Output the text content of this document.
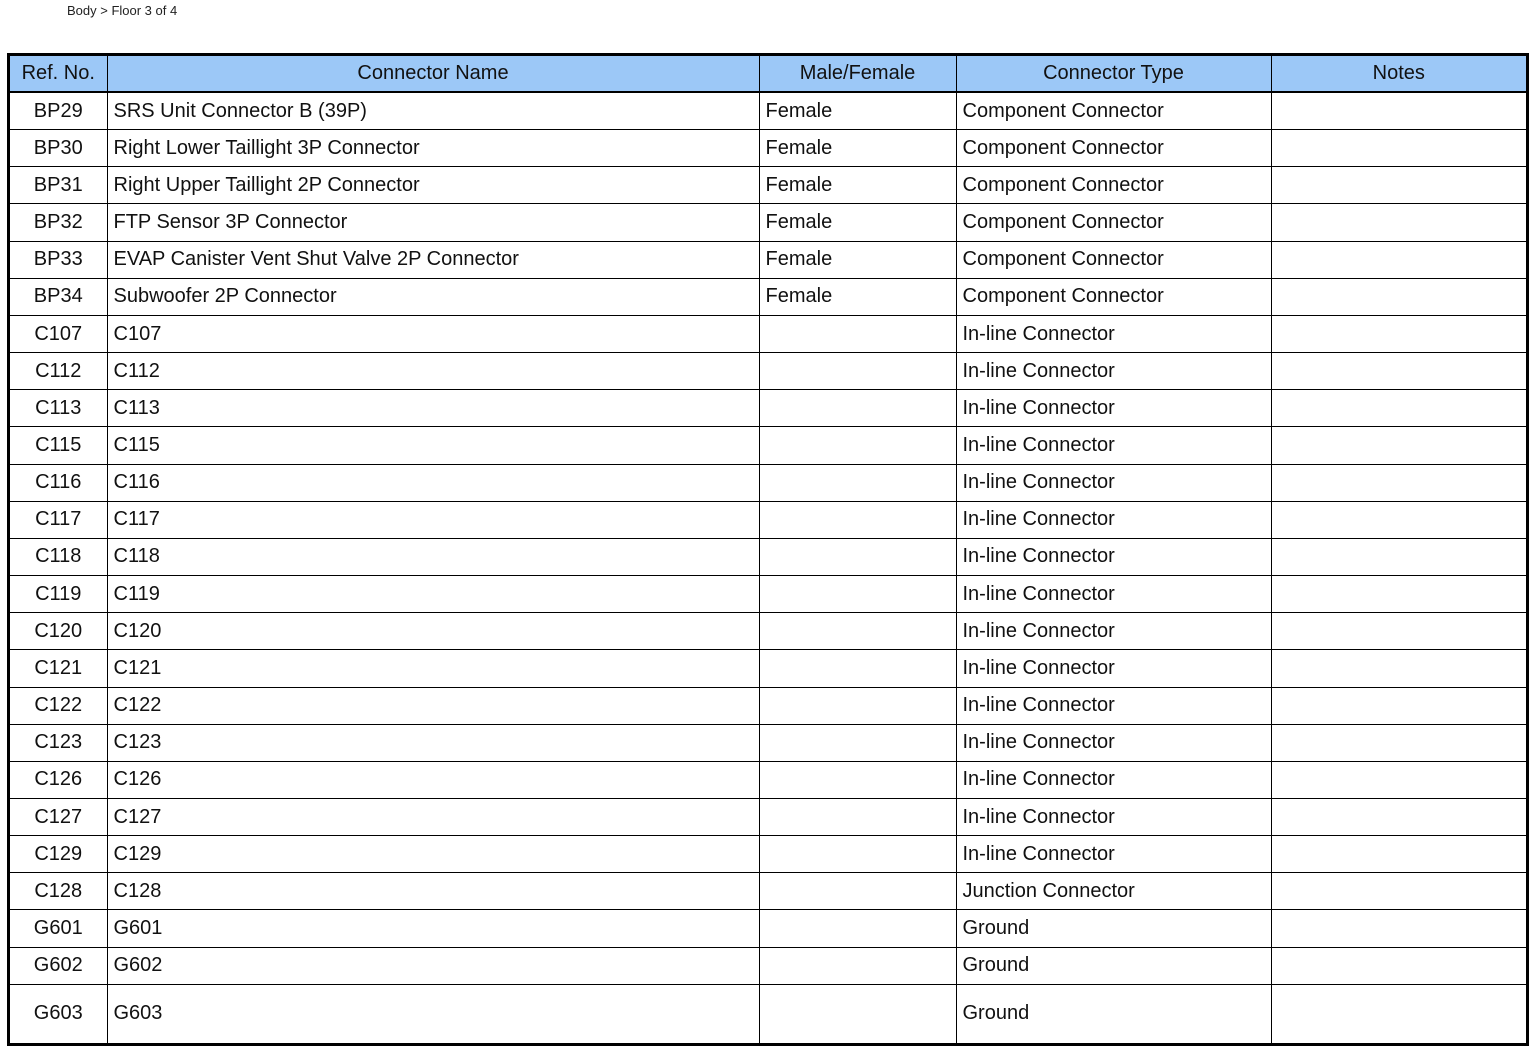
Body > Floor 3 of 4
Ref. No.	Connector Name	Male/Female	Connector Type	Notes
BP29	SRS Unit Connector B (39P)	Female	Component Connector	
BP30	Right Lower Taillight 3P Connector	Female	Component Connector	
BP31	Right Upper Taillight 2P Connector	Female	Component Connector	
BP32	FTP Sensor 3P Connector	Female	Component Connector	
BP33	EVAP Canister Vent Shut Valve 2P Connector	Female	Component Connector	
BP34	Subwoofer 2P Connector	Female	Component Connector	
C107	C107		In-line Connector	
C112	C112		In-line Connector	
C113	C113		In-line Connector	
C115	C115		In-line Connector	
C116	C116		In-line Connector	
C117	C117		In-line Connector	
C118	C118		In-line Connector	
C119	C119		In-line Connector	
C120	C120		In-line Connector	
C121	C121		In-line Connector	
C122	C122		In-line Connector	
C123	C123		In-line Connector	
C126	C126		In-line Connector	
C127	C127		In-line Connector	
C129	C129		In-line Connector	
C128	C128		Junction Connector	
G601	G601		Ground	
G602	G602		Ground	
G603	G603		Ground	
